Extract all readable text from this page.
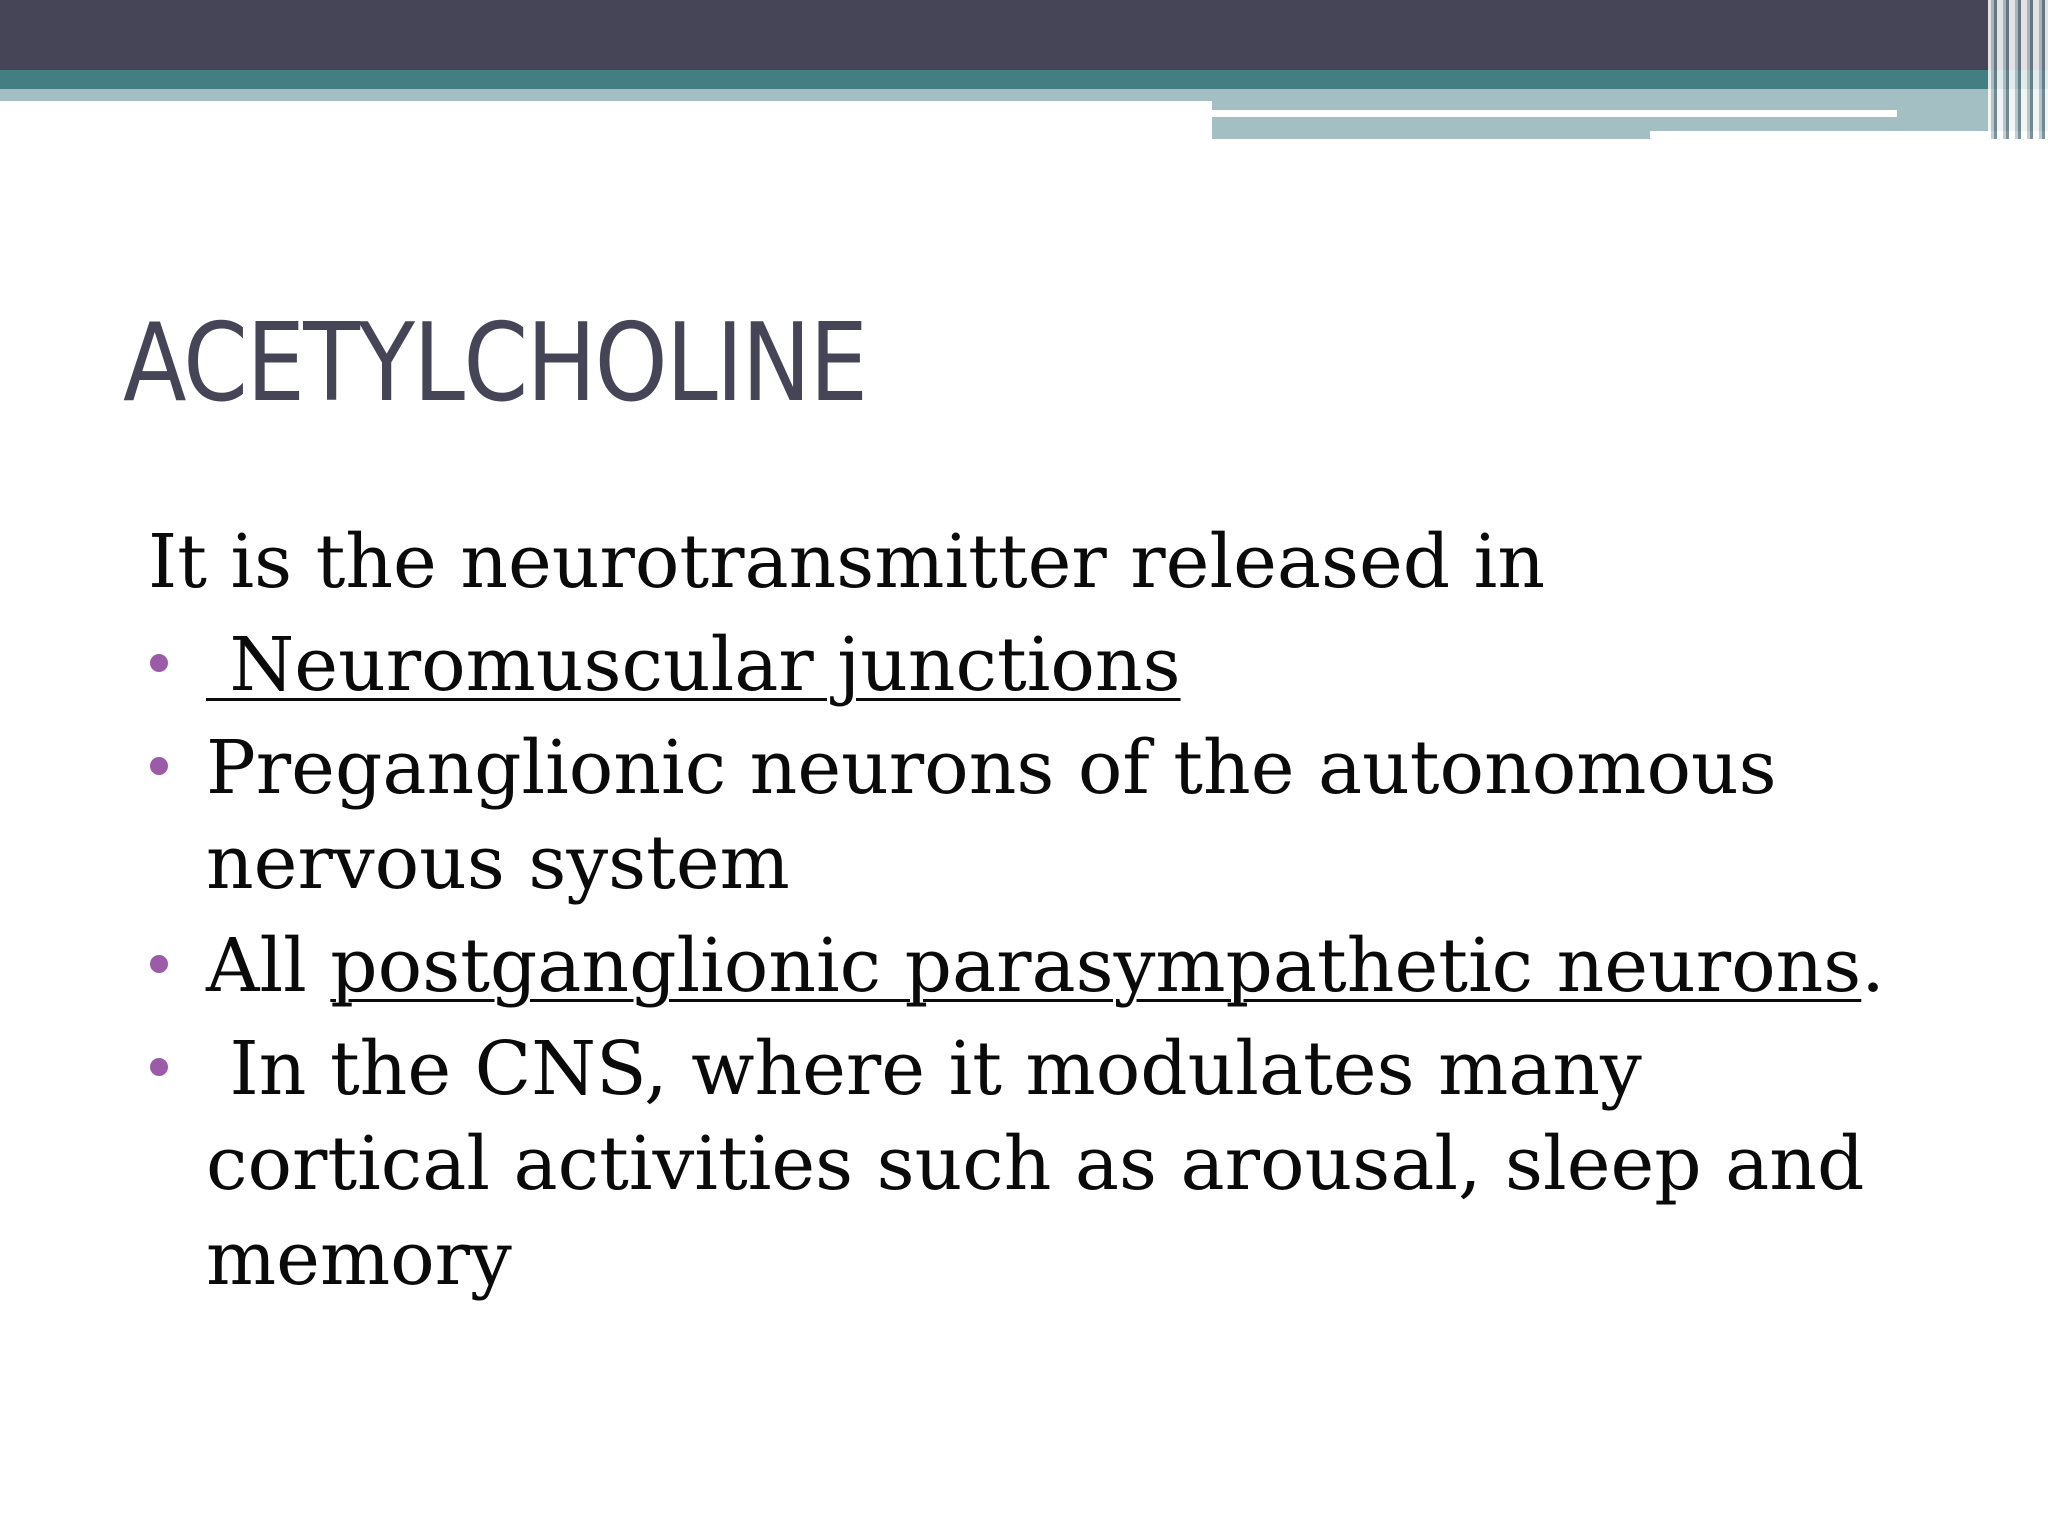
ACETYLCHOLINE

It is the neurotransmitter released in

Neuromuscular junctions
Preganglionic neurons of the autonomous nervous system
All postganglionic parasympathetic neurons.
In the CNS, where it modulates many cortical activities such as arousal, sleep and memory
